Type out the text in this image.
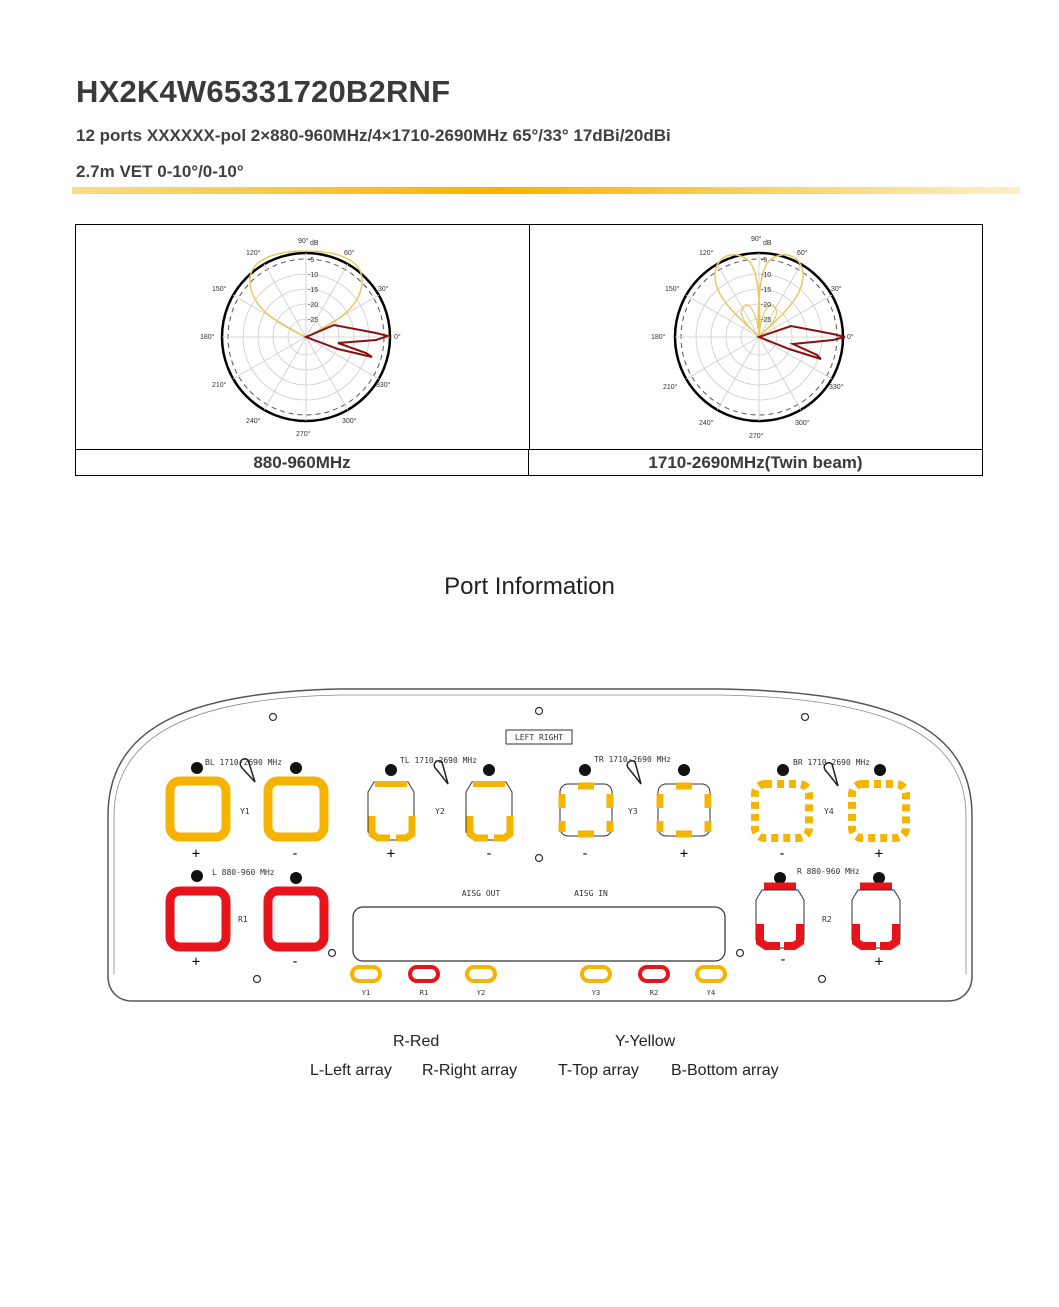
HX2K4W65331720B2RNF
12 ports XXXXXX-pol 2×880-960MHz/4×1710-2690MHz 65°/33° 17dBi/20dBi
2.7m VET 0-10°/0-10°
90°
60°
30°
0°
330°
300°
270°
240°
210°
180°
150°
120°
dB
-5
-10
-15
-20
-25
90°
60°
30°
0°
330°
300°
270°
240°
210°
180°
150°
120°
dB
-5
-10
-15
-20
-25
880-960MHz	1710-2690MHz(Twin beam)
Port Information
LEFT RIGHT
BL 1710-2690 MHz
Y1
+	-
TL 1710-2690 MHz
Y2
+	-
TR 1710-2690 MHz
Y3
-	+
BR 1710-2690 MHz
Y4
-	+
L 880-960 MHz
R1
+	-
R 880-960 MHz
R2
-	+
AISG OUT	AISG IN
Y1	R1	Y2	Y3	R2	Y4
R-Red	Y-Yellow
L-Left array R-Right array	T-Top array B-Bottom array
